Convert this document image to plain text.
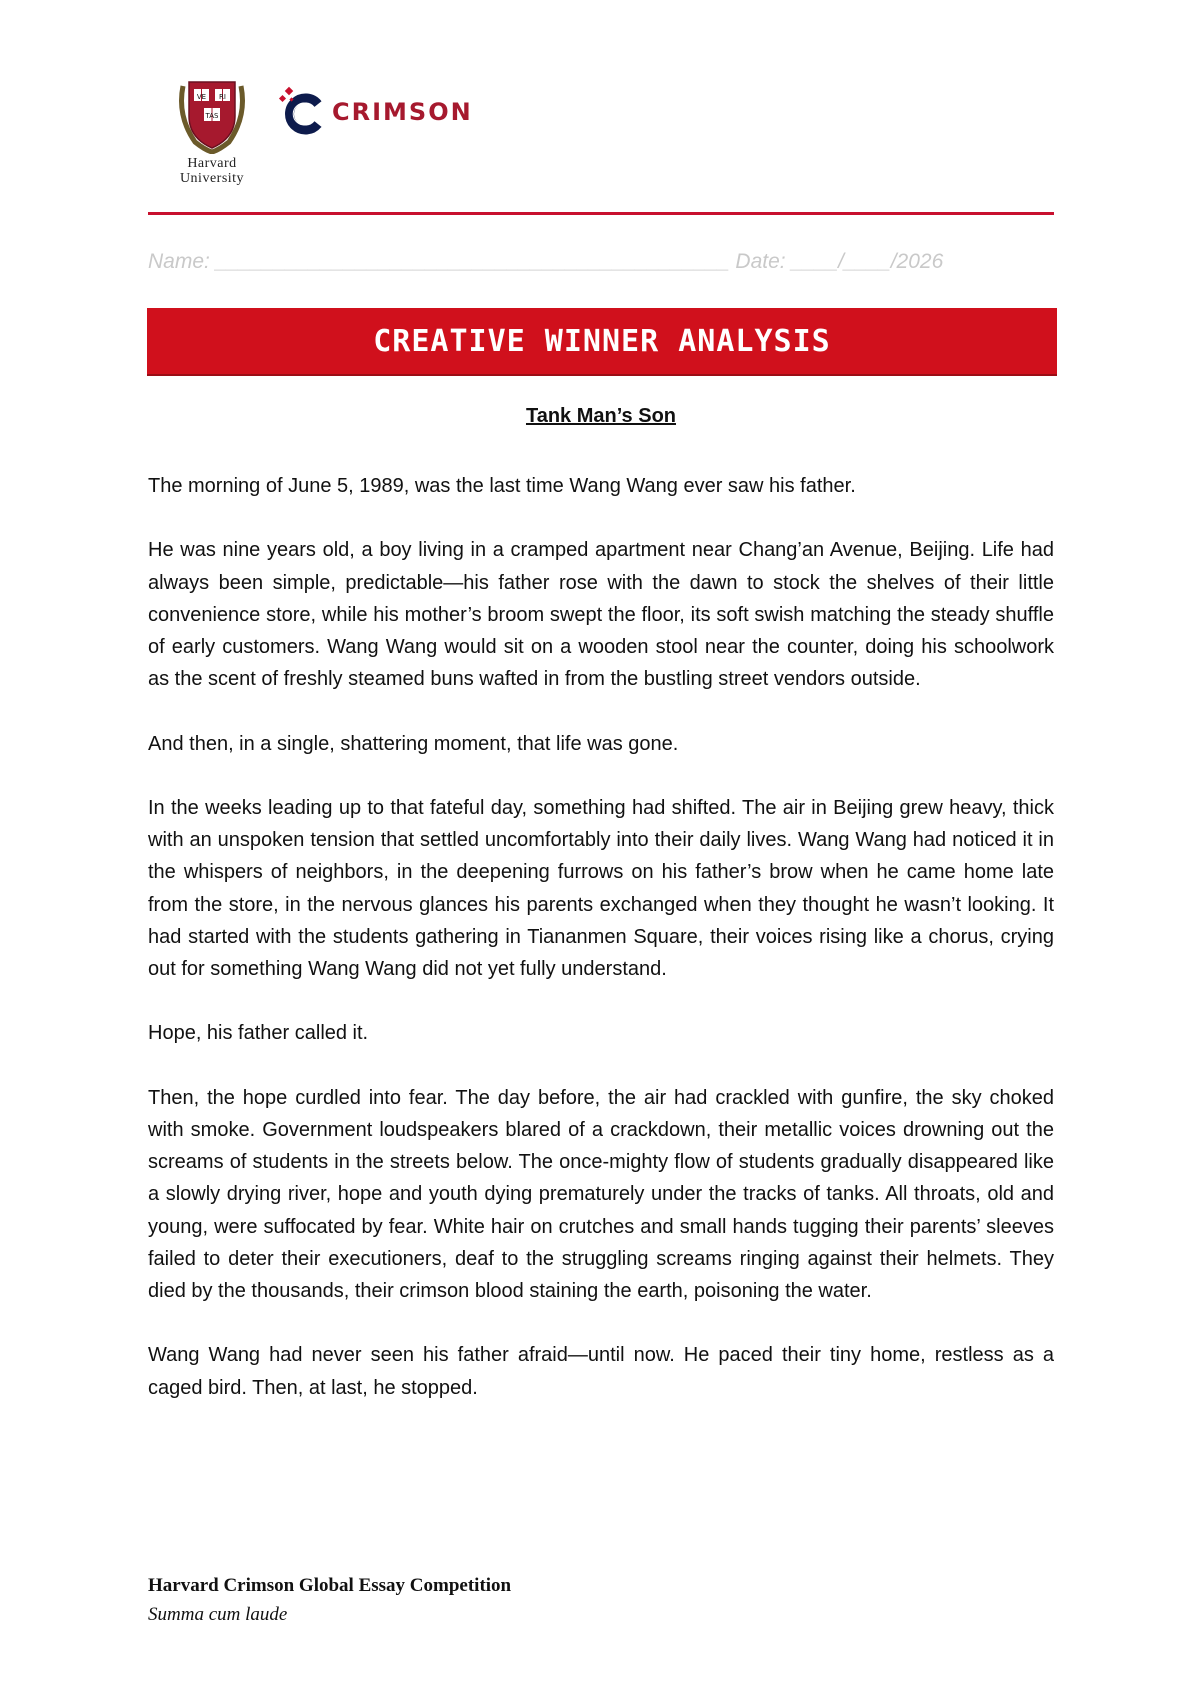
VE RI
TAS
Harvard University
CRIMSON
Name: ____________________________________________ Date: ____/____/2026
CREATIVE WINNER ANALYSIS
Tank Man’s Son

The morning of June 5, 1989, was the last time Wang Wang ever saw his father.

He was nine years old, a boy living in a cramped apartment near Chang’an Avenue, Beijing. Life had always been simple, predictable—his father rose with the dawn to stock the shelves of their little convenience store, while his mother’s broom swept the floor, its soft swish matching the steady shuffle of early customers. Wang Wang would sit on a wooden stool near the counter, doing his schoolwork as the scent of freshly steamed buns wafted in from the bustling street vendors outside.

And then, in a single, shattering moment, that life was gone.

In the weeks leading up to that fateful day, something had shifted. The air in Beijing grew heavy, thick with an unspoken tension that settled uncomfortably into their daily lives. Wang Wang had noticed it in the whispers of neighbors, in the deepening furrows on his father’s brow when he came home late from the store, in the nervous glances his parents exchanged when they thought he wasn’t looking. It had started with the students gathering in Tiananmen Square, their voices rising like a chorus, crying out for something Wang Wang did not yet fully understand.

Hope, his father called it.

Then, the hope curdled into fear. The day before, the air had crackled with gunfire, the sky choked with smoke. Government loudspeakers blared of a crackdown, their metallic voices drowning out the screams of students in the streets below. The once-mighty flow of students gradually disappeared like a slowly drying river, hope and youth dying prematurely under the tracks of tanks. All throats, old and young, were suffocated by fear. White hair on crutches and small hands tugging their parents’ sleeves failed to deter their executioners, deaf to the struggling screams ringing against their helmets. They died by the thousands, their crimson blood staining the earth, poisoning the water.

Wang Wang had never seen his father afraid—until now. He paced their tiny home, restless as a caged bird. Then, at last, he stopped.

Harvard Crimson Global Essay Competition
Summa cum laude
